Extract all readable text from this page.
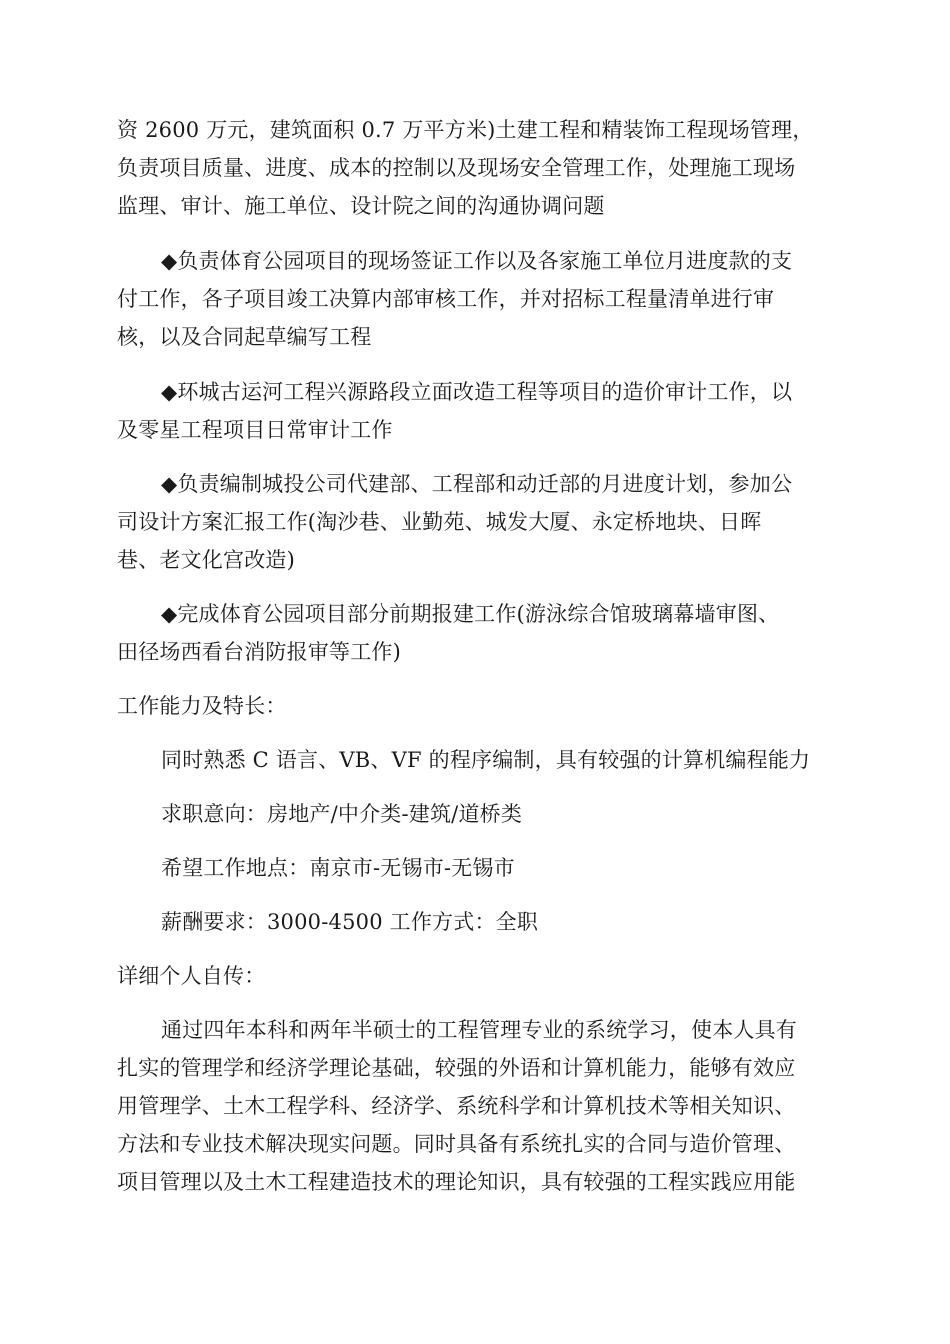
资 2600 万元，建筑面积 0.7 万平方米)土建工程和精装饰工程现场管理，
负责项目质量、进度、成本的控制以及现场安全管理工作，处理施工现场
监理、审计、施工单位、设计院之间的沟通协调问题
◆负责体育公园项目的现场签证工作以及各家施工单位月进度款的支
付工作，各子项目竣工决算内部审核工作，并对招标工程量清单进行审
核，以及合同起草编写工程
◆环城古运河工程兴源路段立面改造工程等项目的造价审计工作，以
及零星工程项目日常审计工作
◆负责编制城投公司代建部、工程部和动迁部的月进度计划，参加公
司设计方案汇报工作(淘沙巷、业勤苑、城发大厦、永定桥地块、日晖
巷、老文化宫改造)
◆完成体育公园项目部分前期报建工作(游泳综合馆玻璃幕墙审图、
田径场西看台消防报审等工作)
工作能力及特长：
同时熟悉 C 语言、VB、VF 的程序编制，具有较强的计算机编程能力
求职意向：房地产/中介类-建筑/道桥类
希望工作地点：南京市-无锡市-无锡市
薪酬要求：3000-4500 工作方式：全职
详细个人自传：
通过四年本科和两年半硕士的工程管理专业的系统学习，使本人具有
扎实的管理学和经济学理论基础，较强的外语和计算机能力，能够有效应
用管理学、土木工程学科、经济学、系统科学和计算机技术等相关知识、
方法和专业技术解决现实问题。同时具备有系统扎实的合同与造价管理、
项目管理以及土木工程建造技术的理论知识，具有较强的工程实践应用能
